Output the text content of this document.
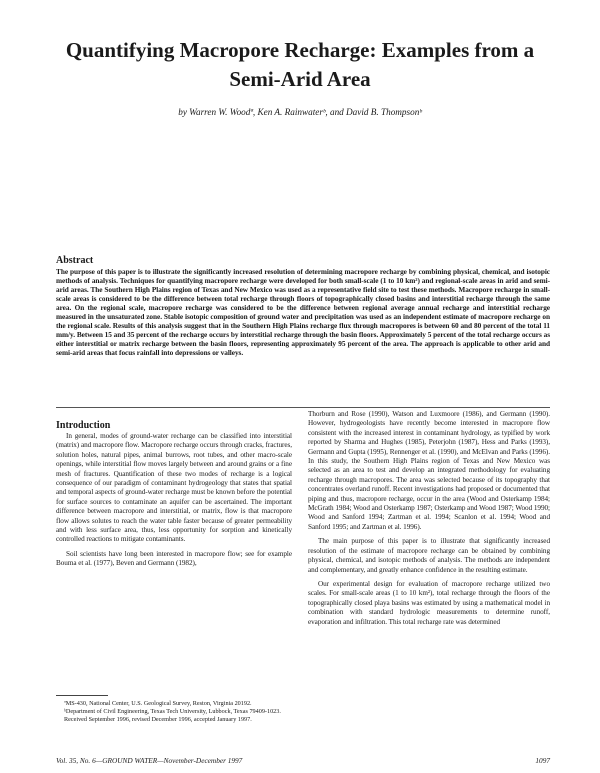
Quantifying Macropore Recharge: Examples from a Semi-Arid Area
by Warren W. Woodª, Ken A. Rainwaterᵇ, and David B. Thompsonᵇ
Abstract
The purpose of this paper is to illustrate the significantly increased resolution of determining macropore recharge by combining physical, chemical, and isotopic methods of analysis. Techniques for quantifying macropore recharge were developed for both small-scale (1 to 10 km²) and regional-scale areas in arid and semi-arid areas. The Southern High Plains region of Texas and New Mexico was used as a representative field site to test these methods. Macropore recharge in small-scale areas is considered to be the difference between total recharge through floors of topographically closed basins and interstitial recharge through the same area. On the regional scale, macropore recharge was considered to be the difference between regional average annual recharge and interstitial recharge measured in the unsaturated zone. Stable isotopic composition of ground water and precipitation was used as an independent estimate of macropore recharge on the regional scale. Results of this analysis suggest that in the Southern High Plains recharge flux through macropores is between 60 and 80 percent of the total 11 mm/y. Between 15 and 35 percent of the recharge occurs by interstitial recharge through the basin floors. Approximately 5 percent of the total recharge occurs as either interstitial or matrix recharge between the basin floors, representing approximately 95 percent of the area. The approach is applicable to other arid and semi-arid areas that focus rainfall into depressions or valleys.
Introduction

In general, modes of ground-water recharge can be classified into interstitial (matrix) and macropore flow. Macropore recharge occurs through cracks, fractures, solution holes, natural pipes, animal burrows, root tubes, and other macro-scale openings, while interstitial flow moves largely between and around grains or a fine mesh of fractures. Quantification of these two modes of recharge is a logical consequence of our paradigm of contaminant hydrogeology that states that spatial and temporal aspects of ground-water recharge must be known before the potential for surface sources to contaminate an aquifer can be ascertained. The important difference between macropore and interstitial, or matrix, flow is that macropore flow allows solutes to reach the water table faster because of greater permeability and with less surface area, thus, less opportunity for sorption and kinetically controlled reactions to mitigate contaminants.

Soil scientists have long been interested in macropore flow; see for example Bouma et al. (1977), Beven and Germann (1982),

Thorburn and Rose (1990), Watson and Luxmoore (1986), and Germann (1990). However, hydrogeologists have recently become interested in macropore flow consistent with the increased interest in contaminant hydrology, as typified by work reported by Sharma and Hughes (1985), Peterjohn (1987), Hess and Parks (1993), Germann and Gupta (1995), Rennenger et al. (1990), and McElvan and Parks (1996). In this study, the Southern High Plains region of Texas and New Mexico was selected as an area to test and develop an integrated methodology for evaluating recharge through macropores. The area was selected because of its topography that concentrates overland runoff. Recent investigations had proposed or documented that piping and thus, macropore recharge, occur in the area (Wood and Osterkamp 1984; McGrath 1984; Wood and Osterkamp 1987; Osterkamp and Wood 1987; Wood 1990; Wood and Sanford 1994; Zartman et al. 1994; Scanlon et al. 1994; Wood and Sanford 1995; and Zartman et al. 1996).

The main purpose of this paper is to illustrate that significantly increased resolution of the estimate of macropore recharge can be obtained by combining physical, chemical, and isotopic methods of analysis. The methods are independent and complementary, and greatly enhance confidence in the resulting estimate.

Our experimental design for evaluation of macropore recharge utilized two scales. For small-scale areas (1 to 10 km²), total recharge through the floors of the topographically closed playa basins was estimated by using a mathematical model in combination with standard hydrologic measurements to determine runoff, evaporation and infiltration. This total recharge rate was determined

ªMS-430, National Center, U.S. Geological Survey, Reston, Virginia 20192.

ᵇDepartment of Civil Engineering, Texas Tech University, Lubbock, Texas 79409-1023.

Received September 1996, revised December 1996, accepted January 1997.

Vol. 35, No. 6—GROUND WATER—November-December 1997	1097
